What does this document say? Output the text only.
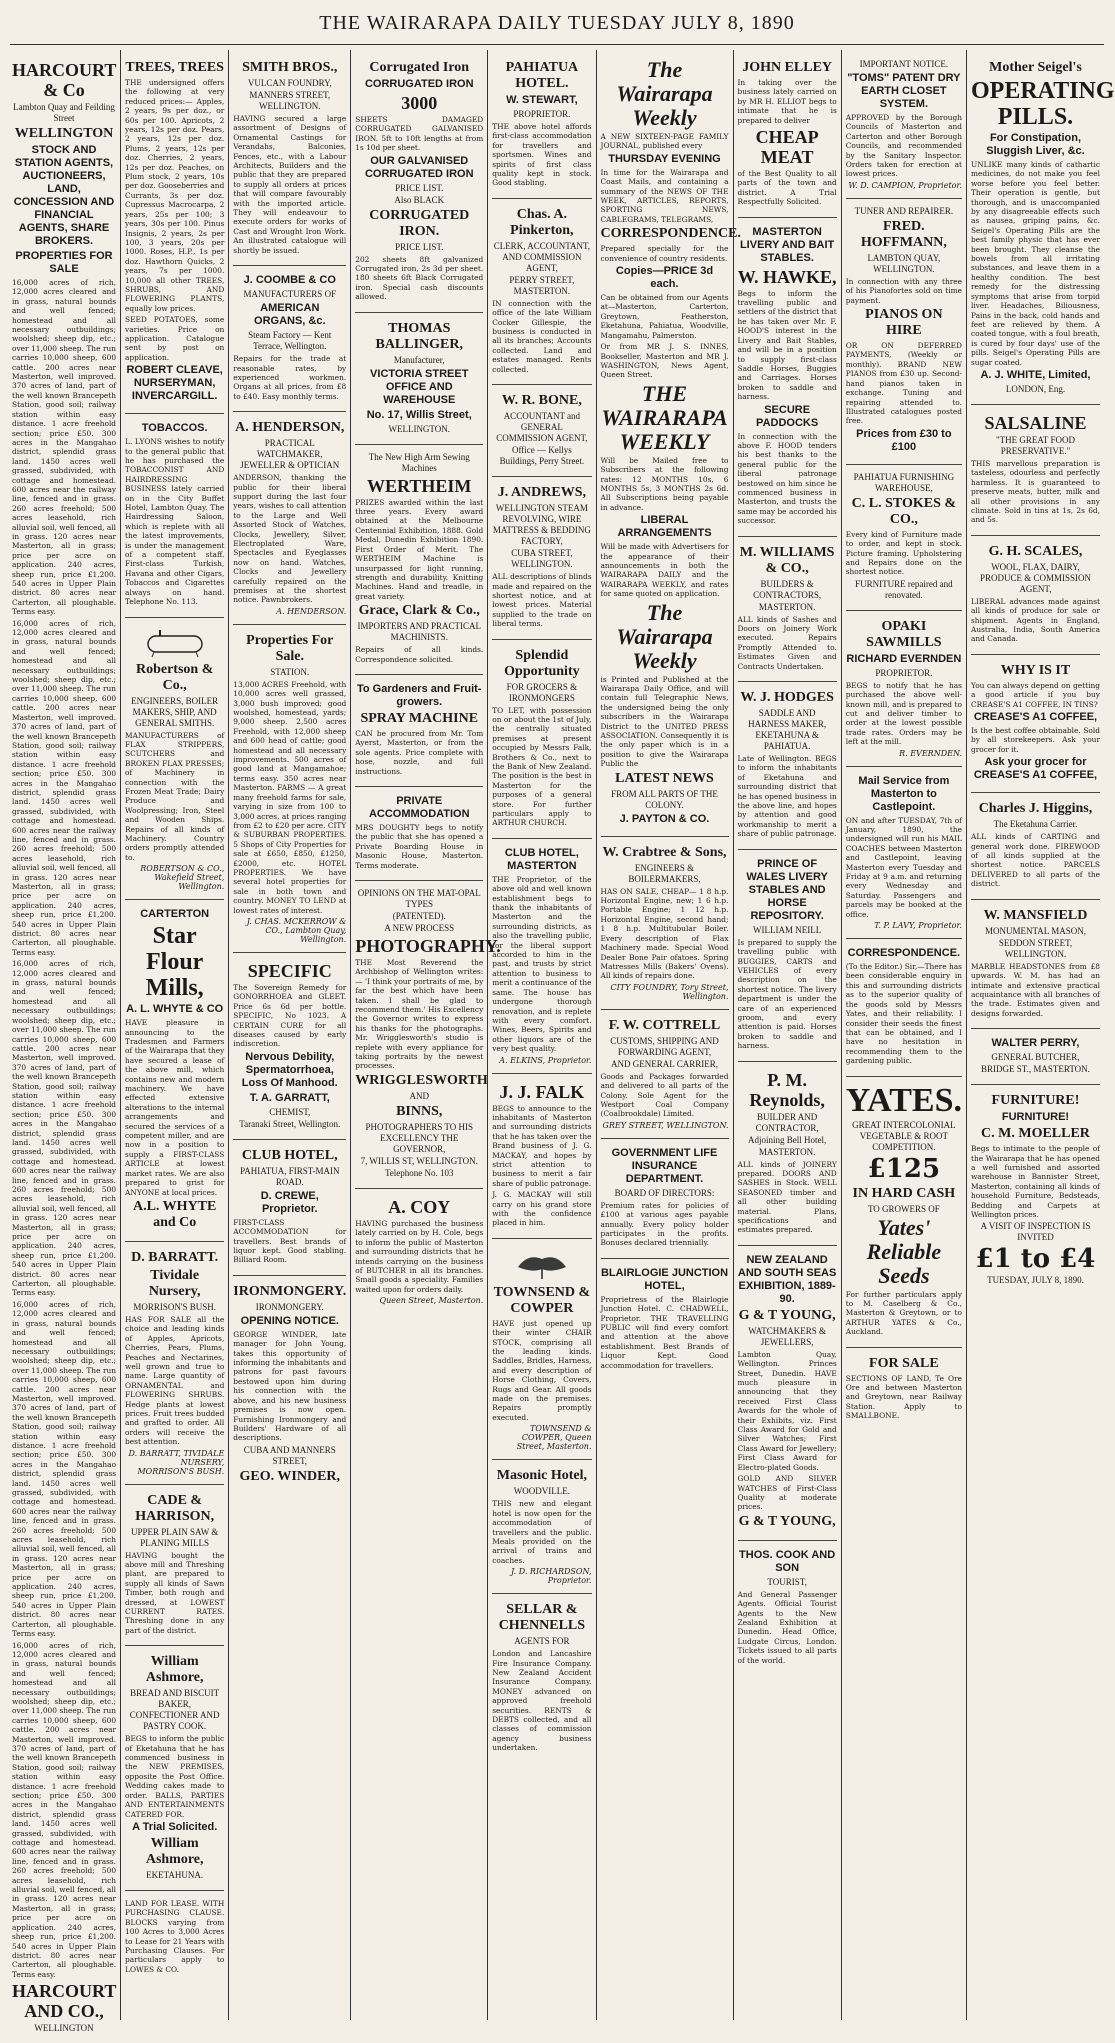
THE WAIRARAPA DAILY TUESDAY JULY 8, 1890
HARCOURT & Co
Lambton Quay and Feilding Street
WELLINGTON
STOCK AND STATION AGENTS, AUCTIONEERS, LAND, CONCESSION AND FINANCIAL AGENTS, SHARE BROKERS.
PROPERTIES FOR SALE
16,000 acres of rich, 12,000 acres cleared and in grass, natural bounds and well fenced; homestead and all necessary outbuildings; woolshed; sheep dip, etc.; over 11,000 sheep. The run carries 10,000 sheep, 600 cattle. 200 acres near Masterton, well improved. 370 acres of land, part of the well known Brancepeth Station, good soil; railway station within easy distance. 1 acre freehold section; price £50. 300 acres in the Mangahao district, splendid grass land. 1450 acres well grassed, subdivided, with cottage and homestead. 600 acres near the railway line, fenced and in grass. 260 acres freehold; 500 acres leasehold, rich alluvial soil, well fenced, all in grass. 120 acres near Masterton, all in grass; price per acre on application. 240 acres, sheep run, price £1,200. 540 acres in Upper Plain district. 80 acres near Carterton, all ploughable. Terms easy.
16,000 acres of rich, 12,000 acres cleared and in grass, natural bounds and well fenced; homestead and all necessary outbuildings; woolshed; sheep dip, etc.; over 11,000 sheep. The run carries 10,000 sheep, 600 cattle. 200 acres near Masterton, well improved. 370 acres of land, part of the well known Brancepeth Station, good soil; railway station within easy distance. 1 acre freehold section; price £50. 300 acres in the Mangahao district, splendid grass land. 1450 acres well grassed, subdivided, with cottage and homestead. 600 acres near the railway line, fenced and in grass. 260 acres freehold; 500 acres leasehold, rich alluvial soil, well fenced, all in grass. 120 acres near Masterton, all in grass; price per acre on application. 240 acres, sheep run, price £1,200. 540 acres in Upper Plain district. 80 acres near Carterton, all ploughable. Terms easy.
16,000 acres of rich, 12,000 acres cleared and in grass, natural bounds and well fenced; homestead and all necessary outbuildings; woolshed; sheep dip, etc.; over 11,000 sheep. The run carries 10,000 sheep, 600 cattle. 200 acres near Masterton, well improved. 370 acres of land, part of the well known Brancepeth Station, good soil; railway station within easy distance. 1 acre freehold section; price £50. 300 acres in the Mangahao district, splendid grass land. 1450 acres well grassed, subdivided, with cottage and homestead. 600 acres near the railway line, fenced and in grass. 260 acres freehold; 500 acres leasehold, rich alluvial soil, well fenced, all in grass. 120 acres near Masterton, all in grass; price per acre on application. 240 acres, sheep run, price £1,200. 540 acres in Upper Plain district. 80 acres near Carterton, all ploughable. Terms easy.
16,000 acres of rich, 12,000 acres cleared and in grass, natural bounds and well fenced; homestead and all necessary outbuildings; woolshed; sheep dip, etc.; over 11,000 sheep. The run carries 10,000 sheep, 600 cattle. 200 acres near Masterton, well improved. 370 acres of land, part of the well known Brancepeth Station, good soil; railway station within easy distance. 1 acre freehold section; price £50. 300 acres in the Mangahao district, splendid grass land. 1450 acres well grassed, subdivided, with cottage and homestead. 600 acres near the railway line, fenced and in grass. 260 acres freehold; 500 acres leasehold, rich alluvial soil, well fenced, all in grass. 120 acres near Masterton, all in grass; price per acre on application. 240 acres, sheep run, price £1,200. 540 acres in Upper Plain district. 80 acres near Carterton, all ploughable. Terms easy.
16,000 acres of rich, 12,000 acres cleared and in grass, natural bounds and well fenced; homestead and all necessary outbuildings; woolshed; sheep dip, etc.; over 11,000 sheep. The run carries 10,000 sheep, 600 cattle. 200 acres near Masterton, well improved. 370 acres of land, part of the well known Brancepeth Station, good soil; railway station within easy distance. 1 acre freehold section; price £50. 300 acres in the Mangahao district, splendid grass land. 1450 acres well grassed, subdivided, with cottage and homestead. 600 acres near the railway line, fenced and in grass. 260 acres freehold; 500 acres leasehold, rich alluvial soil, well fenced, all in grass. 120 acres near Masterton, all in grass; price per acre on application. 240 acres, sheep run, price £1,200. 540 acres in Upper Plain district. 80 acres near Carterton, all ploughable. Terms easy.
HARCOURT AND CO.,
WELLINGTON
TREES, TREES
THE undersigned offers the following at very reduced prices:— Apples, 2 years, 9s per doz., or 60s per 100. Apricots, 2 years, 12s per doz. Pears, 2 years, 12s per doz. Plums, 2 years, 12s per doz. Cherries, 2 years, 12s per doz. Peaches, on Plum stock, 2 years, 10s per doz. Gooseberries and Currants, 3s per doz. Cupressus Macrocarpa, 2 years, 25s per 100; 3 years, 30s per 100. Pinus Insignis, 2 years, 2s per 100, 3 years, 20s per 1000. Roses, H.P., 1s per doz. Hawthorn Quicks, 2 years, 7s per 1000. 10,000 all other TREES, SHRUBS, AND FLOWERING PLANTS, equally low prices.
SEED POTATOES, some varieties. Price on application. Catalogue sent by post on application.
ROBERT CLEAVE, NURSERYMAN, INVERCARGILL.
TOBACCOS.
L. LYONS wishes to notify to the general public that he has purchased the TOBACCONIST AND HAIRDRESSING BUSINESS lately carried on in the City Buffet Hotel, Lambton Quay. The Hairdressing Saloon, which is replete with all the latest improvements, is under the management of a competent staff. First-class Turkish, Havana and other Cigars, Tobaccos and Cigarettes always on hand. Telephone No. 113.
Robertson & Co.,
ENGINEERS, BOILER MAKERS, SHIP, AND GENERAL SMITHS.
MANUFACTURERS of FLAX STRIPPERS, SCUTCHERS and BROKEN FLAX PRESSES; of Machinery in connection with the Frozen Meat Trade; Dairy Produce and Woolpressing; Iron, Steel and Wooden Ships. Repairs of all kinds of Machinery. Country orders promptly attended to.
ROBERTSON & CO., Wakefield Street, Wellington.
CARTERTON
Star Flour Mills,
A. L. WHYTE & CO
HAVE pleasure in announcing to the Tradesmen and Farmers of the Wairarapa that they have secured a lease of the above mill, which contains new and modern machinery. We have effected extensive alterations to the internal arrangements and secured the services of a competent miller, and are now in a position to supply a FIRST-CLASS ARTICLE at lowest market rates. We are also prepared to grist for ANYONE at local prices.
A.L. WHYTE and Co
D. BARRATT.
Tividale Nursery,
MORRISON'S BUSH.
HAS FOR SALE all the choice and leading kinds of Apples, Apricots, Cherries, Pears, Plums, Peaches and Nectarines, well grown and true to name. Large quantity of ORNAMENTAL and FLOWERING SHRUBS. Hedge plants at lowest prices. Fruit trees budded and grafted to order. All orders will receive the best attention.
D. BARRATT, TIVIDALE NURSERY, MORRISON'S BUSH.
CADE & HARRISON,
UPPER PLAIN SAW & PLANING MILLS
HAVING bought the above mill and Threshing plant, are prepared to supply all kinds of Sawn Timber, both rough and dressed, at LOWEST CURRENT RATES. Threshing done in any part of the district.
William Ashmore,
BREAD AND BISCUIT BAKER, CONFECTIONER AND PASTRY COOK.
BEGS to inform the public of Eketahuna that he has commenced business in the NEW PREMISES, opposite the Post Office. Wedding cakes made to order. BALLS, PARTIES AND ENTERTAINMENTS CATERED FOR.
A Trial Solicited.
William Ashmore,
EKETAHUNA.
LAND FOR LEASE. WITH PURCHASING CLAUSE. BLOCKS varying from 100 Acres to 3,000 Acres to Lease for 21 Years with Purchasing Clauses. For particulars apply to LOWES & CO.
SMITH BROS.,
VULCAN FOUNDRY,
MANNERS STREET, WELLINGTON.
HAVING secured a large assortment of Designs of Ornamental Castings for Verandahs, Balconies, Fences, etc., with a Labour Architects, Builders and the public that they are prepared to supply all orders at prices that will compare favourably with the imported article. They will endeavour to execute orders for works of Cast and Wrought Iron Work. An illustrated catalogue will shortly be issued.
J. COOMBE & CO
MANUFACTURERS OF
AMERICAN ORGANS, &c.
Steam Factory — Kent Terrace, Wellington.
Repairs for the trade at reasonable rates, by experienced workmen. Organs at all prices, from £8 to £40. Easy monthly terms.
A. HENDERSON,
PRACTICAL WATCHMAKER, JEWELLER & OPTICIAN
ANDERSON, thanking the public for their liberal support during the last four years, wishes to call attention to the Large and Well Assorted Stock of Watches, Clocks, Jewellery, Silver, Electroplated Ware, Spectacles and Eyeglasses now on hand. Watches, Clocks and Jewellery carefully repaired on the premises at the shortest notice. Pawnbrokers.
A. HENDERSON.
Properties For Sale.
STATION.
13,000 ACRES Freehold, with 10,000 acres well grassed, 3,000 bush improved; good woolshed, homestead, yards; 9,000 sheep. 2,500 acres Freehold, with 12,000 sheep and 600 head of cattle; good homestead and all necessary improvements. 500 acres of good land at Mangamahoe; terms easy. 350 acres near Masterton. FARMS — A great many freehold farms for sale, varying in size from 100 to 3,000 acres, at prices ranging from £2 to £20 per acre. CITY & SUBURBAN PROPERTIES. 5 Shops of City Properties for sale at £650, £850, £1250, £2000, etc. HOTEL PROPERTIES. We have several hotel properties for sale in both town and country. MONEY TO LEND at lowest rates of interest.
J. CHAS. MCKERROW & CO., Lambton Quay, Wellington.
SPECIFIC
The Sovereign Remedy for GONORRHOEA and GLEET. Price 6s 6d per bottle. SPECIFIC, No 1023. A CERTAIN CURE for all diseases caused by early indiscretion.
Nervous Debility, Spermatorrhoea, Loss Of Manhood.
T. A. GARRATT,
CHEMIST,
Taranaki Street, Wellington.
CLUB HOTEL,
PAHIATUA, FIRST-MAIN ROAD.
D. CREWE, Proprietor.
FIRST-CLASS ACCOMMODATION for travellers. Best brands of liquor kept. Good stabling. Billiard Room.
IRONMONGERY.
IRONMONGERY.
OPENING NOTICE.
GEORGE WINDER, late manager for John Young, takes this opportunity of informing the inhabitants and patrons for past favours bestowed upon him during his connection with the above, and his new business premises is now open. Furnishing Ironmongery and Builders' Hardware of all descriptions.
CUBA AND MANNERS STREET,
GEO. WINDER,
Corrugated Iron
CORRUGATED IRON
3000
SHEETS DAMAGED CORRUGATED GALVANISED IRON. 5ft to 10ft lengths at from 1s 10d per sheet.
OUR GALVANISED CORRUGATED IRON
PRICE LIST.
Also BLACK
CORRUGATED IRON.
PRICE LIST.
202 sheets 8ft galvanized Corrugated iron, 2s 3d per sheet. 180 sheets 6ft Black Corrugated iron. Special cash discounts allowed.
THOMAS BALLINGER,
Manufacturer,
VICTORIA STREET OFFICE AND WAREHOUSE
No. 17, Willis Street,
WELLINGTON.
The New High Arm Sewing Machines
WERTHEIM
PRIZES awarded within the last three years. Every award obtained at the Melbourne Centennial Exhibition, 1888. Gold Medal, Dunedin Exhibition 1890. First Order of Merit. The WERTHEIM Machine is unsurpassed for light running, strength and durability. Knitting Machines. Hand and treadle, in great variety.
Grace, Clark & Co.,
IMPORTERS AND PRACTICAL MACHINISTS.
Repairs of all kinds. Correspondence solicited.
To Gardeners and Fruit-growers.
SPRAY MACHINE
CAN be procured from Mr. Tom Ayerst, Masterton, or from the sole agents. Price complete with hose, nozzle, and full instructions.
PRIVATE ACCOMMODATION
MRS DOUGHTY begs to notify the public that she has opened a Private Boarding House in Masonic House, Masterton. Terms moderate.
OPINIONS ON THE MAT-OPAL TYPES
(PATENTED).
A NEW PROCESS
PHOTOGRAPHY.
THE Most Reverend the Archbishop of Wellington writes:— 'I think your portraits of me, by far the best which have been taken. I shall be glad to recommend them.' His Excellency the Governor writes to express his thanks for the photographs. Mr. Wrigglesworth's studio is replete with every appliance for taking portraits by the newest processes.
WRIGGLESWORTH
AND
BINNS,
PHOTOGRAPHERS TO HIS EXCELLENCY THE GOVERNOR,
7, WILLIS ST, WELLINGTON.
Telephone No. 103
A. COY
HAVING purchased the business lately carried on by H. Cole, begs to inform the public of Masterton and surrounding districts that he intends carrying on the business of BUTCHER in all its branches. Small goods a speciality. Families waited upon for orders daily.
Queen Street, Masterton.
PAHIATUA HOTEL.
W. STEWART,
PROPRIETOR.
THE above hotel affords first-class accommodation for travellers and sportsmen. Wines and spirits of first class quality kept in stock. Good stabling.
Chas. A. Pinkerton,
CLERK, ACCOUNTANT, AND COMMISSION AGENT,
PERRY STREET, MASTERTON.
IN connection with the office of the late William Cocker Gillespie, the business is conducted in all its branches; Accounts collected. Land and estates managed. Rents collected.
W. R. BONE,
ACCOUNTANT and GENERAL COMMISSION AGENT,
Office — Kellys Buildings, Perry Street.
J. ANDREWS,
WELLINGTON STEAM REVOLVING, WIRE MATTRESS & BEDDING FACTORY,
CUBA STREET, WELLINGTON.
ALL descriptions of blinds made and repaired on the shortest notice, and at lowest prices. Material supplied to the trade on liberal terms.
Splendid Opportunity
FOR GROCERS & IRONMONGERS
TO LET, with possession on or about the 1st of July, the centrally situated premises at present occupied by Messrs Falk, Brothers & Co., next to the Bank of New Zealand. The position is the best in Masterton for the purposes of a general store. For further particulars apply to ARTHUR CHURCH.
CLUB HOTEL, MASTERTON
THE Proprietor, of the above old and well known establishment begs to thank the inhabitants of Masterton and the surrounding districts, as also the travelling public, for the liberal support accorded to him in the past, and trusts by strict attention to business to merit a continuance of the same. The house has undergone thorough renovation, and is replete with every comfort. Wines, Beers, Spirits and other liquors are of the very best quality.
A. ELKINS, Proprietor.
J. J. FALK
BEGS to announce to the inhabitants of Masterton and surrounding districts that he has taken over the Brand business of J. G. MACKAY, and hopes by strict attention to business to merit a fair share of public patronage.
J. G. MACKAY will still carry on his grand store with the confidence placed in him.
TOWNSEND & COWPER
HAVE just opened up their winter CHAIR STOCK, comprising all the leading kinds. Saddles, Bridles, Harness, and every description of Horse Clothing, Covers, Rugs and Gear. All goods made on the premises. Repairs promptly executed.
TOWNSEND & COWPER, Queen Street, Masterton.
Masonic Hotel,
WOODVILLE.
THIS new and elegant hotel is now open for the accommodation of travellers and the public. Meals provided on the arrival of trains and coaches.
J. D. RICHARDSON, Proprietor.
SELLAR & CHENNELLS
AGENTS FOR
London and Lancashire Fire Insurance Company. New Zealand Accident Insurance Company. MONEY advanced on approved freehold securities. RENTS & DEBTS collected, and all classes of commission agency business undertaken.
The Wairarapa Weekly
A NEW SIXTEEN-PAGE FAMILY JOURNAL, published every
THURSDAY EVENING
In time for the Wairarapa and Coast Mails, and containing a summary of the NEWS OF THE WEEK, ARTICLES, REPORTS, SPORTING NEWS, CABLEGRAMS, TELEGRAMS,
CORRESPONDENCE.
Prepared specially for the convenience of country residents.
Copies—PRICE 3d each.
Can be obtained from our Agents at—Masterton, Carterton, Greytown, Featherston, Eketahuna, Pahiatua, Woodville, Mangamahu, Palmerston.
Or from MR J. S. INNES, Bookseller, Masterton and MR J. WASHINGTON, News Agent, Queen Street.
THE WAIRARAPA WEEKLY
Will be Mailed free to Subscribers at the following rates: 12 MONTHS 10s, 6 MONTHS 5s, 3 MONTHS 2s 6d. All Subscriptions being payable in advance.
LIBERAL ARRANGEMENTS
Will be made with Advertisers for the appearance of their announcements in both the WAIRARAPA DAILY and the WAIRARAPA WEEKLY, and rates for same quoted on application.
The Wairarapa Weekly
is Printed and Published at the Wairarapa Daily Office, and will contain full Telegraphic News, the undersigned being the only subscribers in the Wairarapa District to the UNITED PRESS ASSOCIATION. Consequently it is the only paper which is in a position to give the Wairarapa Public the
LATEST NEWS
FROM ALL PARTS OF THE COLONY.
J. PAYTON & CO.
W. Crabtree & Sons,
ENGINEERS & BOILERMAKERS,
HAS ON SALE, CHEAP— 1 8 h.p. Horizontal Engine, new; 1 6 h.p. Portable Engine; 1 12 h.p. Horizontal Engine, second hand; 1 8 h.p. Multitubular Boiler. Every description of Flax Machinery made. Special Wood Dealer Bone Pair ofatoes. Spring Matresses Mills (Bakers' Ovens). All kinds of repairs done.
CITY FOUNDRY, Tory Street, Wellington.
F. W. COTTRELL
CUSTOMS, SHIPPING AND FORWARDING AGENT,
AND GENERAL CARRIER,
Goods and Packages forwarded and delivered to all parts of the Colony. Sole Agent for the Westport Coal Company (Coalbrookdale) Limited.
GREY STREET, WELLINGTON.
GOVERNMENT LIFE INSURANCE DEPARTMENT.
BOARD OF DIRECTORS:
Premium rates for policies of £100 at various ages payable annually. Every policy holder participates in the profits. Bonuses declared triennially.
BLAIRLOGIE JUNCTION HOTEL,
Proprietress of the Blairlogie Junction Hotel. C. CHADWELL, Proprietor. THE TRAVELLING PUBLIC will find every comfort and attention at the above establishment. Best Brands of Liquor Kept. Good accommodation for travellers.
JOHN ELLEY
In taking over the business lately carried on by MR H. ELLIOT begs to intimate that he is prepared to deliver
CHEAP MEAT
of the Best Quality to all parts of the town and district. A Trial Respectfully Solicited.
MASTERTON LIVERY AND BAIT STABLES.
W. HAWKE,
Begs to inform the travelling public and settlers of the district that he has taken over Mr. F. HOOD'S interest in the Livery and Bait Stables, and will be in a position to supply first-class Saddle Horses, Buggies and Carriages. Horses broken to saddle and harness.
SECURE PADDOCKS
In connection with the above F. HOOD tenders his best thanks to the general public for the liberal patronage bestowed on him since he commenced business in Masterton, and trusts the same may be accorded his successor.
M. WILLIAMS & CO.,
BUILDERS & CONTRACTORS,
MASTERTON.
ALL kinds of Sashes and Doors on Joinery Work executed. Repairs Promptly Attended to. Estimates Given and Contracts Undertaken.
W. J. HODGES
SADDLE AND HARNESS MAKER, EKETAHUNA & PAHIATUA.
Late of Wellington. BEGS to inform the inhabitants of Eketahuna and surrounding district that he has opened business in the above line, and hopes by attention and good workmanship to merit a share of public patronage.
PRINCE OF WALES LIVERY STABLES AND HORSE REPOSITORY.
WILLIAM NEILL
Is prepared to supply the travelling public with BUGGIES, CARTS and VEHICLES of every description on the shortest notice. The livery department is under the care of an experienced groom, and every attention is paid. Horses broken to saddle and harness.
P. M. Reynolds,
BUILDER AND CONTRACTOR,
Adjoining Bell Hotel,
MASTERTON.
ALL kinds of JOINERY prepared. DOORS AND SASHES in Stock. WELL SEASONED timber and all other building material. Plans, specifications and estimates prepared.
NEW ZEALAND AND SOUTH SEAS EXHIBITION, 1889-90.
G & T YOUNG,
WATCHMAKERS & JEWELLERS,
Lambton Quay, Wellington. Princes Street, Dunedin. HAVE much pleasure in announcing that they received First Class Awards for the whole of their Exhibits, viz. First Class Award for Gold and Silver Watches; First Class Award for Jewellery; First Class Award for Electro-plated Goods.
GOLD AND SILVER WATCHES of First-Class Quality at moderate prices.
G & T YOUNG,
THOS. COOK AND SON
TOURIST,
And General Passenger Agents. Official Tourist Agents to the New Zealand Exhibition at Dunedin. Head Office, Ludgate Circus, London. Tickets issued to all parts of the world.
IMPORTANT NOTICE.
"TOMS" PATENT DRY EARTH CLOSET SYSTEM.
APPROVED by the Borough Councils of Masterton and Carterton and other Borough Councils, and recommended by the Sanitary Inspector. Orders taken for erection at lowest prices.
W. D. CAMPION, Proprietor.
TUNER AND REPAIRER.
FRED. HOFFMANN,
LAMBTON QUAY, WELLINGTON.
In connection with any three of his Pianofortes sold on time payment.
PIANOS ON HIRE
OR ON DEFERRED PAYMENTS, (Weekly or monthly). BRAND NEW PIANOS from £30 up. Second-hand pianos taken in exchange. Tuning and repairing attended to. Illustrated catalogues posted free.
Prices from £30 to £100
PAHIATUA FURNISHING WAREHOUSE,
C. L. STOKES & CO.,
Every kind of Furniture made to order, and kept in stock. Picture framing. Upholstering and Repairs done on the shortest notice.
FURNITURE repaired and renovated.
OPAKI SAWMILLS
RICHARD EVERNDEN
PROPRIETOR.
BEGS to notify that he has purchased the above well-known mill, and is prepared to cut and deliver timber to order at the lowest possible trade rates. Orders may be left at the mill.
R. EVERNDEN.
Mail Service from Masterton to Castlepoint.
ON and after TUESDAY, 7th of January, 1890, the undersigned will run his MAIL COACHES between Masterton and Castlepoint, leaving Masterton every Tuesday and Friday at 9 a.m. and returning every Wednesday and Saturday. Passengers and parcels may be booked at the office.
T. P. LAVY, Proprietor.
CORRESPONDENCE.
(To the Editor.) Sir,—There has been considerable enquiry in this and surrounding districts as to the superior quality of the goods sold by Messrs Yates, and their reliability. I consider their seeds the finest that can be obtained, and I have no hesitation in recommending them to the gardening public.
YATES.
GREAT INTERCOLONIAL VEGETABLE & ROOT COMPETITION.
£125
IN HARD CASH
TO GROWERS OF
Yates' Reliable Seeds
For further particulars apply to M. Caselberg & Co., Masterton & Greytown, or to ARTHUR YATES & Co., Auckland.
FOR SALE
SECTIONS OF LAND, Te Ore Ore and between Masterton and Greytown, near Railway Station. Apply to SMALLBONE.
Mother Seigel's
OPERATING PILLS.
For Constipation, Sluggish Liver, &c.
UNLIKE many kinds of cathartic medicines, do not make you feel worse before you feel better. Their operation is gentle, but thorough, and is unaccompanied by any disagreeable effects such as nausea, griping pains, &c. Seigel's Operating Pills are the best family physic that has ever been brought. They cleanse the bowels from all irritating substances, and leave them in a healthy condition. The best remedy for the distressing symptoms that arise from torpid liver. Headaches, Biliousness, Pains in the back, cold hands and feet are relieved by them. A coated tongue, with a foul breath, is cured by four days' use of the pills. Seigel's Operating Pills are sugar coated.
A. J. WHITE, Limited,
LONDON, Eng.
SALSALINE
"THE GREAT FOOD PRESERVATIVE."
THIS marvellous preparation is tasteless, odourless and perfectly harmless. It is guaranteed to preserve meats, butter, milk and all other provisions in any climate. Sold in tins at 1s, 2s 6d, and 5s.
G. H. SCALES,
WOOL, FLAX, DAIRY, PRODUCE & COMMISSION AGENT,
LIBERAL advances made against all kinds of produce for sale or shipment. Agents in England, Australia, India, South America and Canada.
WHY IS IT
You can always depend on getting a good article if you buy CREASE'S A1 COFFEE, IN TINS?
CREASE'S A1 COFFEE,
Is the best coffee obtainable. Sold by all storekeepers. Ask your grocer for it.
Ask your grocer for CREASE'S A1 COFFEE,
Charles J. Higgins,
The Eketahuna Carrier.
ALL kinds of CARTING and general work done. FIREWOOD of all kinds supplied at the shortest notice. PARCELS DELIVERED to all parts of the district.
W. MANSFIELD
MONUMENTAL MASON,
SEDDON STREET, WELLINGTON.
MARBLE HEADSTONES from £8 upwards. W. M. has had an intimate and extensive practical acquaintance with all branches of the trade. Estimates given and designs forwarded.
WALTER PERRY,
GENERAL BUTCHER,
BRIDGE ST., MASTERTON.
FURNITURE!
FURNITURE!
C. M. MOELLER
Begs to intimate to the people of the Wairarapa that he has opened a well furnished and assorted warehouse in Bannister Street, Masterton, containing all kinds of household Furniture, Bedsteads, Bedding and Carpets at Wellington prices.
A VISIT OF INSPECTION IS INVITED
£1 to £4
TUESDAY, JULY 8, 1890.
